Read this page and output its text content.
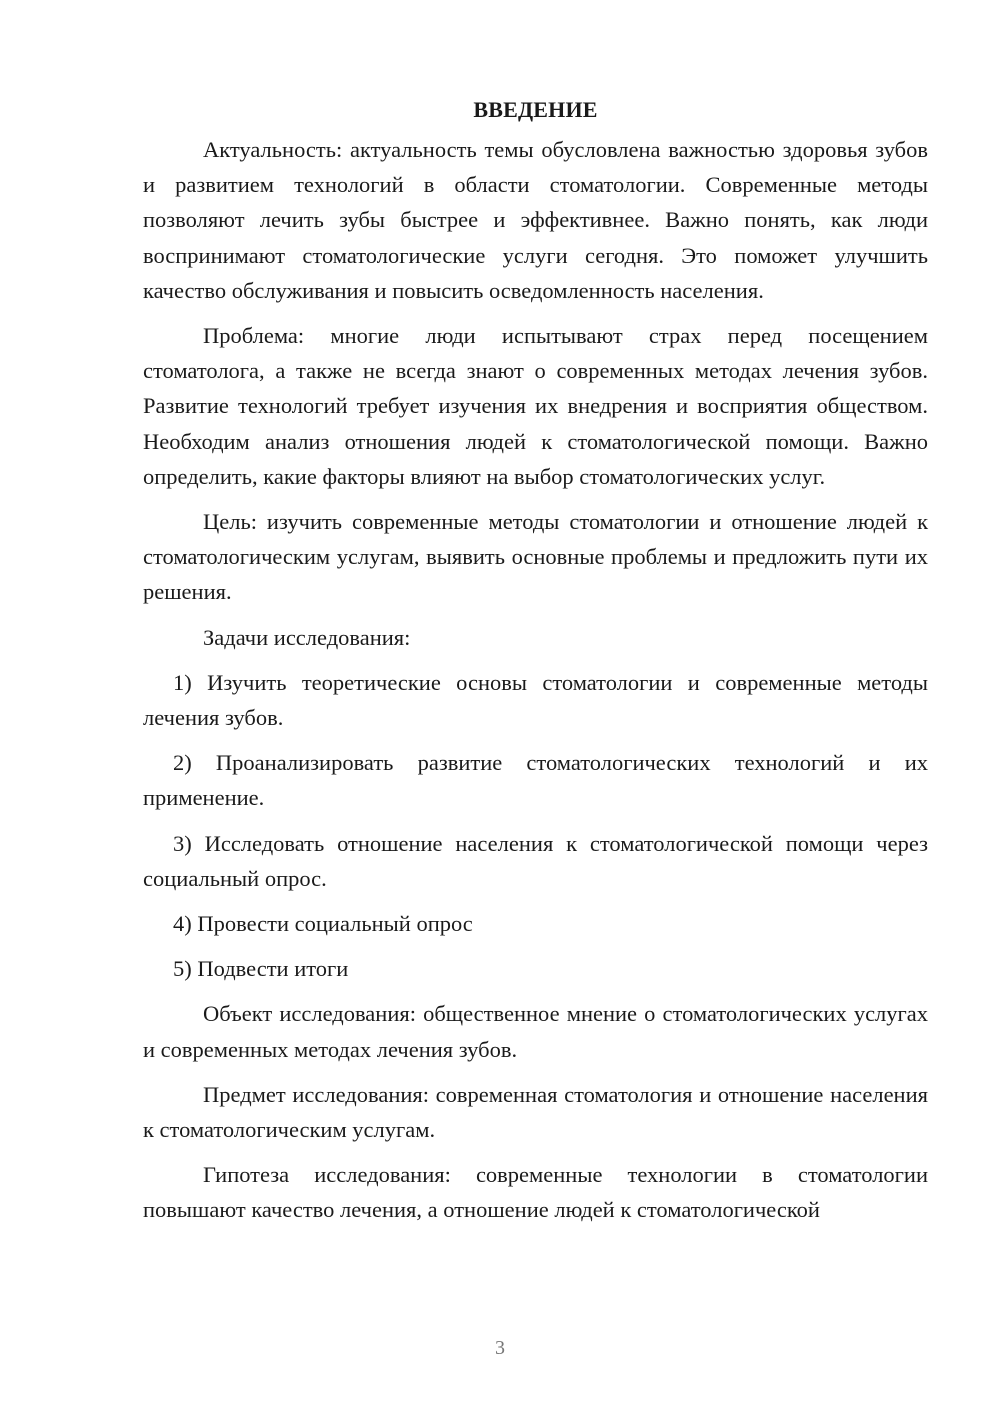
ВВЕДЕНИЕ

Актуальность: актуальность темы обусловлена важностью здоровья зубов и развитием технологий в области стоматологии. Современные методы позволяют лечить зубы быстрее и эффективнее. Важно понять, как люди воспринимают стоматологические услуги сегодня. Это поможет улучшить качество обслуживания и повысить осведомленность населения.

Проблема: многие люди испытывают страх перед посещением стоматолога, а также не всегда знают о современных методах лечения зубов. Развитие технологий требует изучения их внедрения и восприятия обществом. Необходим анализ отношения людей к стоматологической помощи. Важно определить, какие факторы влияют на выбор стоматологических услуг.

Цель: изучить современные методы стоматологии и отношение людей к стоматологическим услугам, выявить основные проблемы и предложить пути их решения.

Задачи исследования:

1) Изучить теоретические основы стоматологии и современные методы лечения зубов.

2) Проанализировать развитие стоматологических технологий и их применение.

3) Исследовать отношение населения к стоматологической помощи через социальный опрос.

4) Провести социальный опрос

5) Подвести итоги

Объект исследования: общественное мнение о стоматологических услугах и современных методах лечения зубов.

Предмет исследования: современная стоматология и отношение населения к стоматологическим услугам.

Гипотеза исследования: современные технологии в стоматологии повышают качество лечения, а отношение людей к стоматологической

3
